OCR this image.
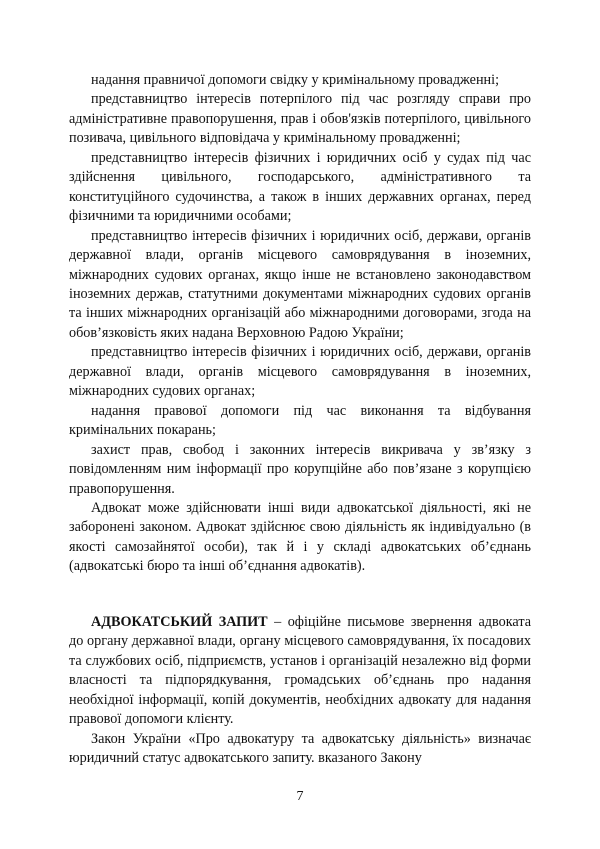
надання правничої допомоги свідку у кримінальному провадженні;

представництво інтересів потерпілого під час розгляду справи про адміністративне правопорушення, прав і обов'язків потерпілого, цивільного позивача, цивільного відповідача у кримінальному провадженні;

представництво інтересів фізичних і юридичних осіб у судах під час здійснення цивільного, господарського, адміністративного та конституційного судочинства, а також в інших державних органах, перед фізичними та юридичними особами;

представництво інтересів фізичних і юридичних осіб, держави, органів державної влади, органів місцевого самоврядування в іноземних, міжнародних судових органах, якщо інше не встановлено законодавством іноземних держав, статутними документами міжнародних судових органів та інших міжнародних організацій або міжнародними договорами, згода на обов’язковість яких надана Верховною Радою України;

представництво інтересів фізичних і юридичних осіб, держави, органів державної влади, органів місцевого самоврядування в іноземних, міжнародних судових органах;

надання правової допомоги під час виконання та відбування кримінальних покарань;

захист прав, свобод і законних інтересів викривача у зв’язку з повідомленням ним інформації про корупційне або пов’язане з корупцією правопорушення.

Адвокат може здійснювати інші види адвокатської діяльності, які не заборонені законом. Адвокат здійснює свою діяльність як індивідуально (в якості самозайнятої особи), так й і у складі адвокатських об’єднань (адвокатські бюро та інші об’єднання адвокатів).

АДВОКАТСЬКИЙ ЗАПИТ – офіційне письмове звернення адвоката до органу державної влади, органу місцевого самоврядування, їх посадових та службових осіб, підприємств, установ і організацій незалежно від форми власності та підпорядкування, громадських об’єднань про надання необхідної інформації, копій документів, необхідних адвокату для надання правової допомоги клієнту.

Закон України «Про адвокатуру та адвокатську діяльність» визначає юридичний статус адвокатського запиту. вказаного Закону

7
